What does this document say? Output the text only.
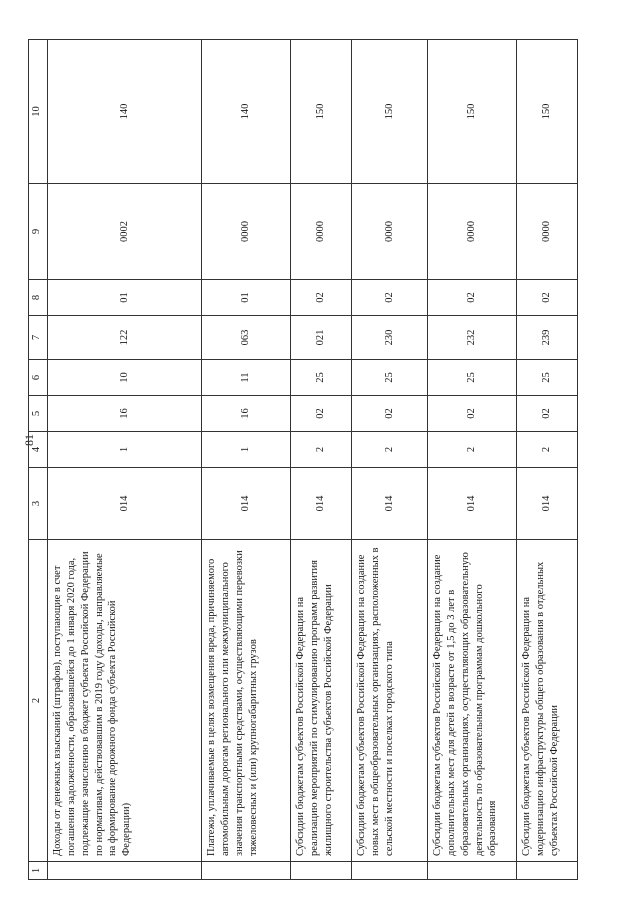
81
1	2	3	4	5	6	7	8	9	10
	Доходы от денежных взысканий (штрафов), поступающие в счет погашения задолженности, образовавшейся до 1 января 2020 года, подлежащие зачислению в бюджет субъекта Российской Федерации по нормативам, действовавшим в 2019 году (доходы, направляемые на формирование дорожного фонда субъекта Российской Федерации)	014	1	16	10	122	01	0002	140
	Платежи, уплачиваемые в целях возмещения вреда, причиняемого автомобильным дорогам регионального или межмуниципального значения транспортными средствами, осуществляющими перевозки тяжеловесных и (или) крупногабаритных грузов	014	1	16	11	063	01	0000	140
	Субсидии бюджетам субъектов Российской Федерации на реализацию мероприятий по стимулированию программ развития жилищного строительства субъектов Российской Федерации	014	2	02	25	021	02	0000	150
	Субсидии бюджетам субъектов Российской Федерации на создание новых мест в общеобразовательных организациях, расположенных в сельской местности и поселках городского типа	014	2	02	25	230	02	0000	150
	Субсидии бюджетам субъектов Российской Федерации на создание дополнительных мест для детей в возрасте от 1,5 до 3 лет в образовательных организациях, осуществляющих образовательную деятельность по образовательным программам дошкольного образования	014	2	02	25	232	02	0000	150
	Субсидии бюджетам субъектов Российской Федерации на модернизацию инфраструктуры общего образования в отдельных субъектах Российской Федерации	014	2	02	25	239	02	0000	150
